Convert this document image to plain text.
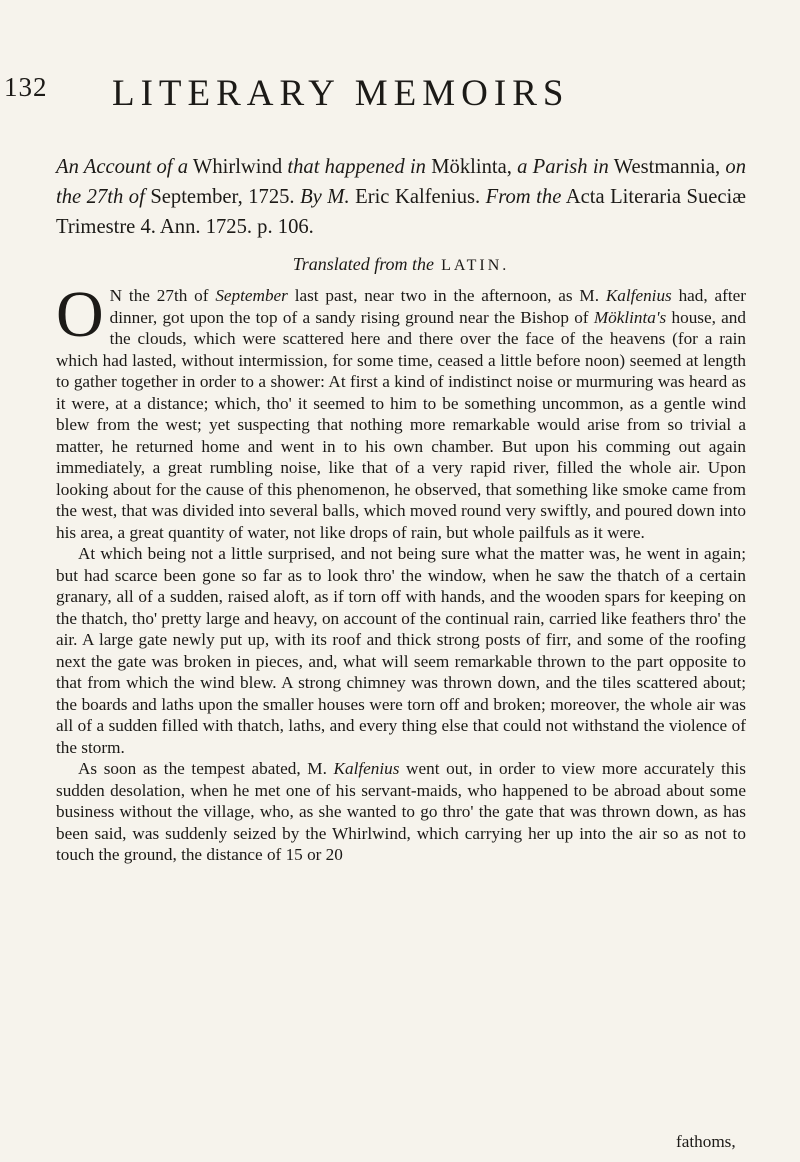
132 LITERARY MEMOIRS

An Account of a Whirlwind that happened in Möklinta, a Parish in Westmannia, on the 27th of September, 1725. By M. Eric Kalfenius. From the Acta Literaria Sueciæ Trimestre 4. Ann. 1725. p. 106.

Translated from the LATIN.

O N the 27th of September last past, near two in the afternoon, as M. Kalfenius had, after dinner, got upon the top of a sandy rising ground near the Bishop of Möklinta's house, and the clouds, which were scattered here and there over the face of the heavens (for a rain which had lasted, without intermission, for some time, ceased a little before noon) seemed at length to gather together in order to a shower: At first a kind of indistinct noise or murmuring was heard as it were, at a distance; which, tho' it seemed to him to be something uncommon, as a gentle wind blew from the west; yet suspecting that nothing more remarkable would arise from so trivial a matter, he returned home and went in to his own chamber. But upon his comming out again immediately, a great rumbling noise, like that of a very rapid river, filled the whole air. Upon looking about for the cause of this phenomenon, he observed, that something like smoke came from the west, that was divided into several balls, which moved round very swiftly, and poured down into his area, a great quantity of water, not like drops of rain, but whole pailfuls as it were.

At which being not a little surprised, and not being sure what the matter was, he went in again; but had scarce been gone so far as to look thro' the window, when he saw the thatch of a certain granary, all of a sudden, raised aloft, as if torn off with hands, and the wooden spars for keeping on the thatch, tho' pretty large and heavy, on account of the continual rain, carried like feathers thro' the air. A large gate newly put up, with its roof and thick strong posts of firr, and some of the roofing next the gate was broken in pieces, and, what will seem remarkable thrown to the part opposite to that from which the wind blew. A strong chimney was thrown down, and the tiles scattered about; the boards and laths upon the smaller houses were torn off and broken; moreover, the whole air was all of a sudden filled with thatch, laths, and every thing else that could not withstand the violence of the storm.

As soon as the tempest abated, M. Kalfenius went out, in order to view more accurately this sudden desolation, when he met one of his servant-maids, who happened to be abroad about some business without the village, who, as she wanted to go thro' the gate that was thrown down, as has been said, was suddenly seized by the Whirlwind, which carrying her up into the air so as not to touch the ground, the distance of 15 or 20

fathoms,
